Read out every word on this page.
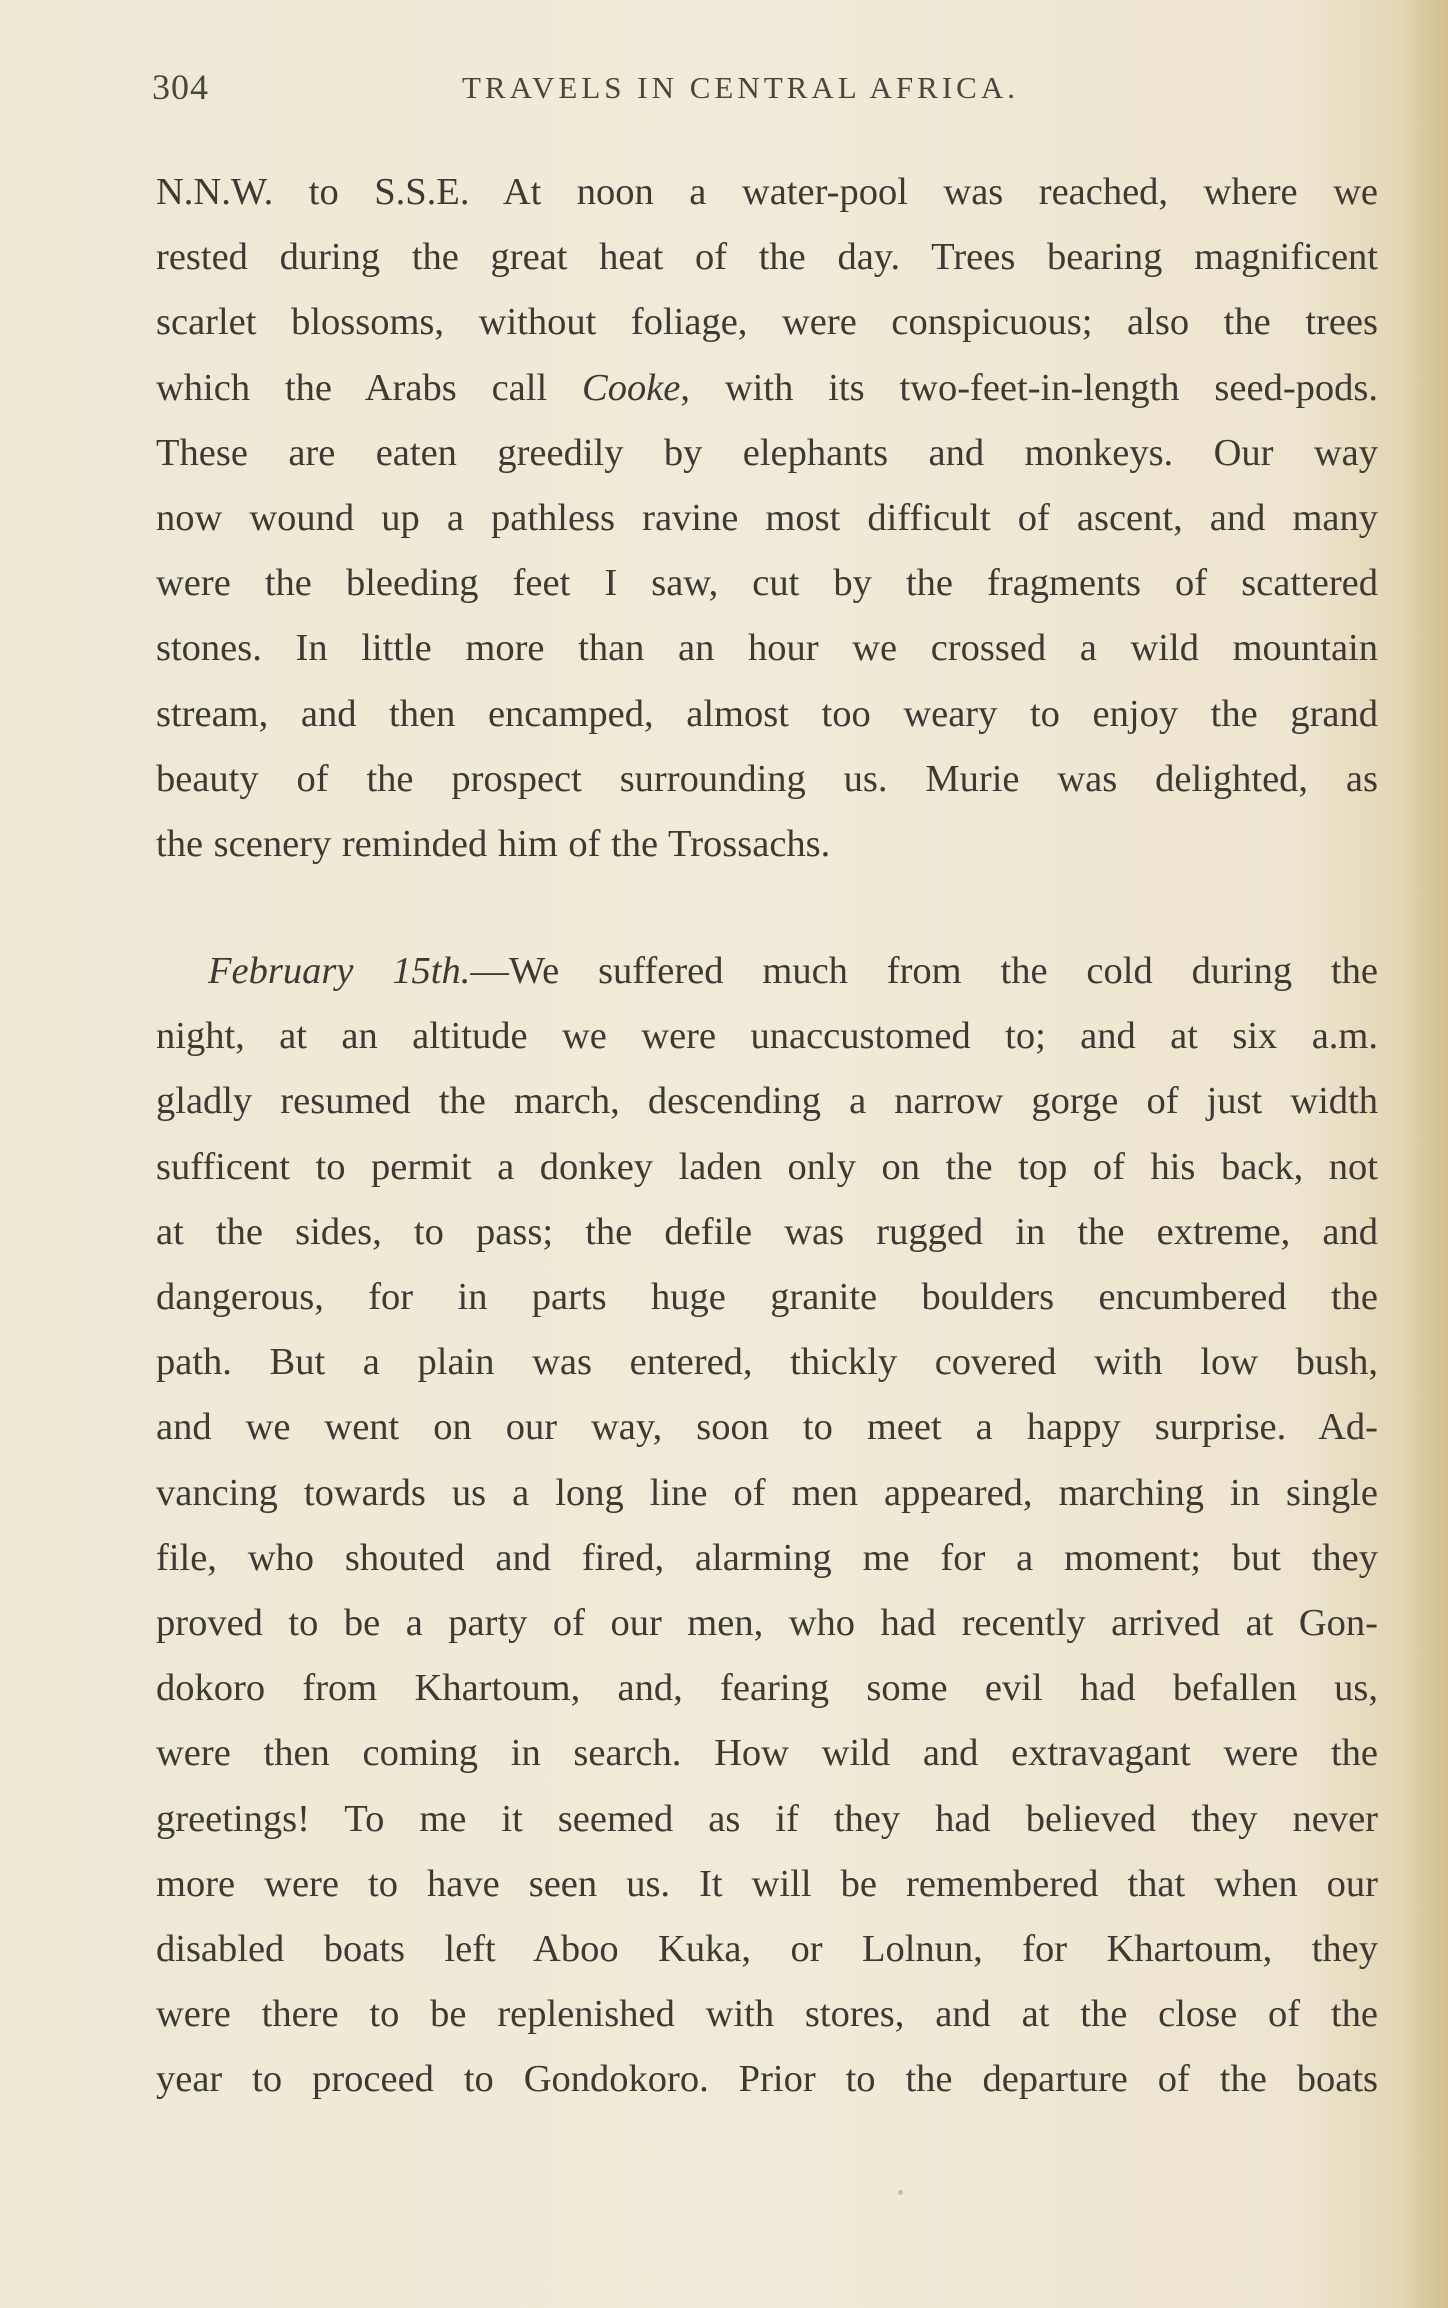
304	TRAVELS IN CENTRAL AFRICA.
N.N.W. to S.S.E. At noon a water-pool was reached, where we
rested during the great heat of the day. Trees bearing magnificent
scarlet blossoms, without foliage, were conspicuous; also the trees
which the Arabs call Cooke, with its two-feet-in-length seed-pods.
These are eaten greedily by elephants and monkeys. Our way
now wound up a pathless ravine most difficult of ascent, and many
were the bleeding feet I saw, cut by the fragments of scattered
stones. In little more than an hour we crossed a wild mountain
stream, and then encamped, almost too weary to enjoy the grand
beauty of the prospect surrounding us. Murie was delighted, as
the scenery reminded him of the Trossachs.
February 15th.—We suffered much from the cold during the
night, at an altitude we were unaccustomed to; and at six a.m.
gladly resumed the march, descending a narrow gorge of just width
sufficent to permit a donkey laden only on the top of his back, not
at the sides, to pass; the defile was rugged in the extreme, and
dangerous, for in parts huge granite boulders encumbered the
path. But a plain was entered, thickly covered with low bush,
and we went on our way, soon to meet a happy surprise. Ad-
vancing towards us a long line of men appeared, marching in single
file, who shouted and fired, alarming me for a moment; but they
proved to be a party of our men, who had recently arrived at Gon-
dokoro from Khartoum, and, fearing some evil had befallen us,
were then coming in search. How wild and extravagant were the
greetings! To me it seemed as if they had believed they never
more were to have seen us. It will be remembered that when our
disabled boats left Aboo Kuka, or Lolnun, for Khartoum, they
were there to be replenished with stores, and at the close of the
year to proceed to Gondokoro. Prior to the departure of the boats
